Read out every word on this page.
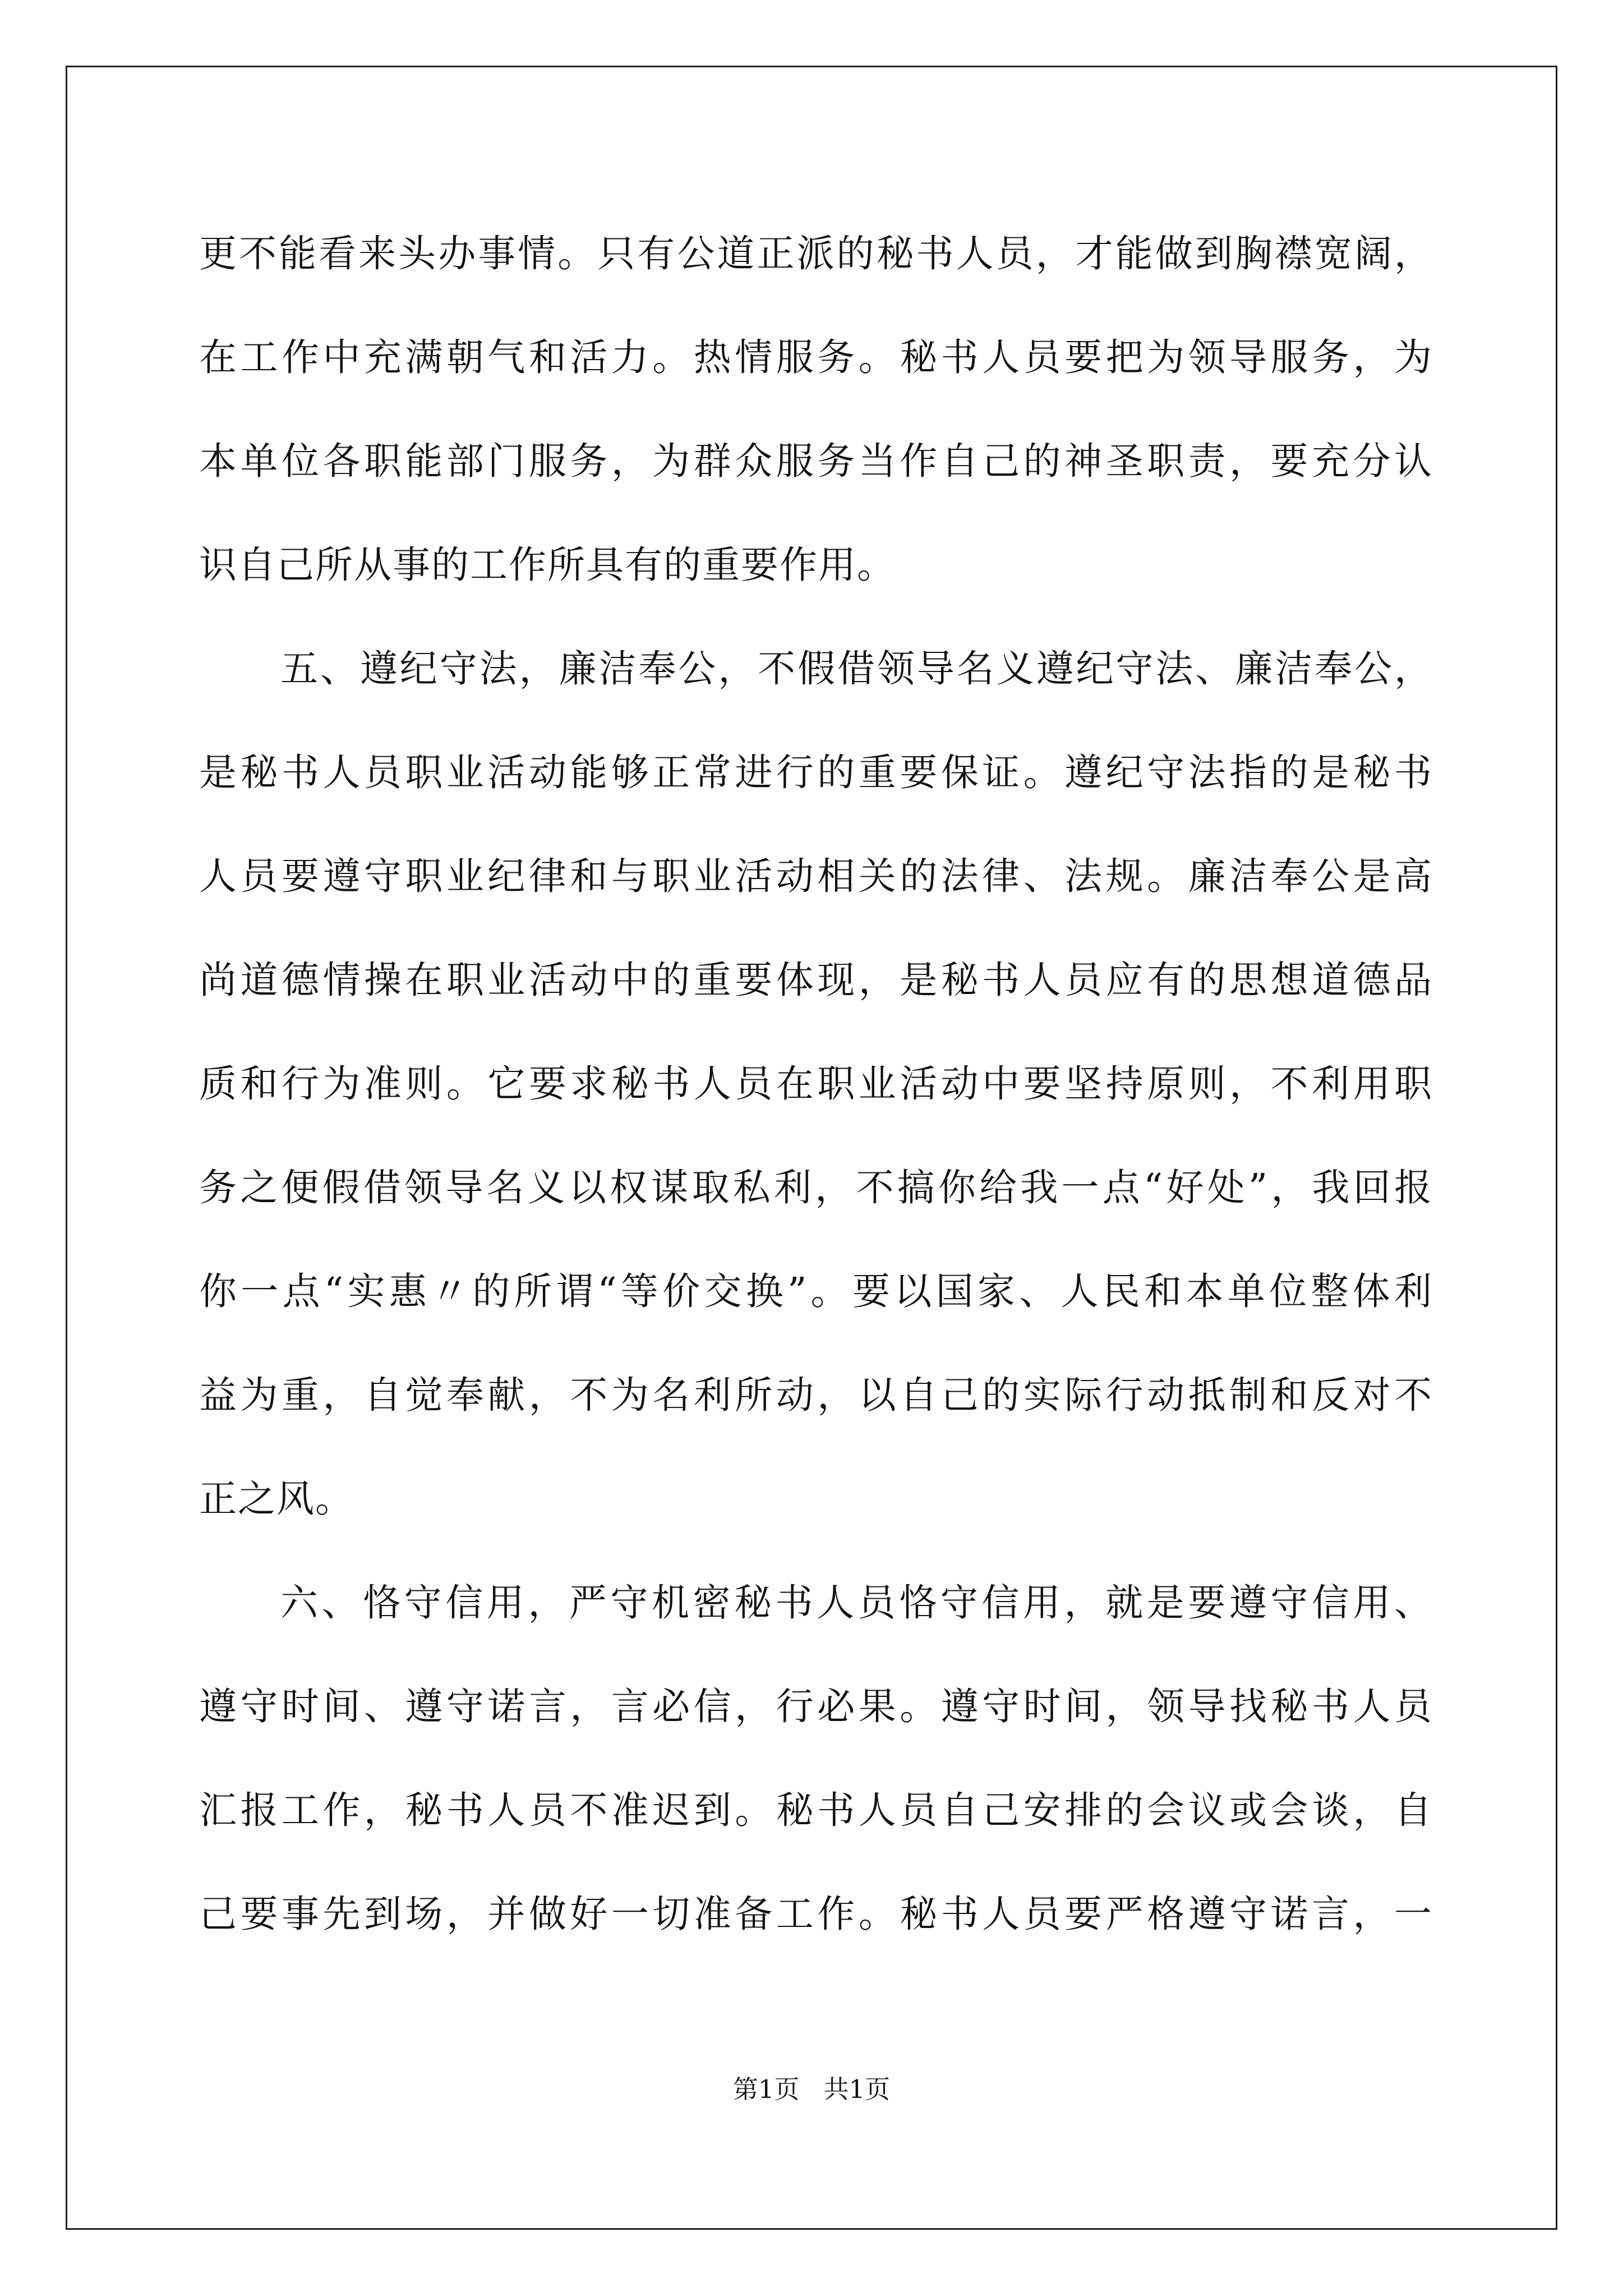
更不能看来头办事情。只有公道正派的秘书人员，才能做到胸襟宽阔，
在工作中充满朝气和活力。热情服务。秘书人员要把为领导服务，为
本单位各职能部门服务，为群众服务当作自己的神圣职责，要充分认
识自己所从事的工作所具有的重要作用。

五、遵纪守法，廉洁奉公，不假借领导名义遵纪守法、廉洁奉公，
是秘书人员职业活动能够正常进行的重要保证。遵纪守法指的是秘书
人员要遵守职业纪律和与职业活动相关的法律、法规。廉洁奉公是高
尚道德情操在职业活动中的重要体现，是秘书人员应有的思想道德品
质和行为准则。它要求秘书人员在职业活动中要坚持原则，不利用职
务之便假借领导名义以权谋取私利，不搞你给我一点“好处”，我回报
你一点“实惠〃的所谓“等价交换”。要以国家、人民和本单位整体利
益为重，自觉奉献，不为名利所动，以自己的实际行动抵制和反对不
正之风。

六、恪守信用，严守机密秘书人员恪守信用，就是要遵守信用、
遵守时间、遵守诺言，言必信，行必果。遵守时间，领导找秘书人员
汇报工作，秘书人员不准迟到。秘书人员自己安排的会议或会谈，自
己要事先到场，并做好一切准备工作。秘书人员要严格遵守诺言，一

第1页   共1页
